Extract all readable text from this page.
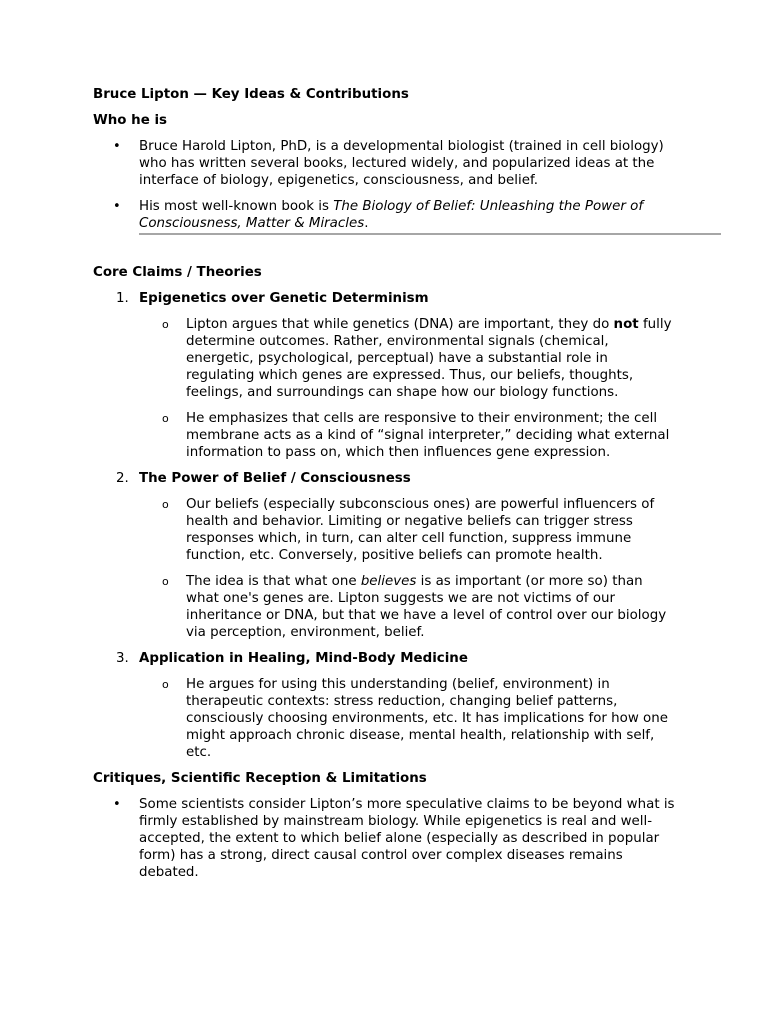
Bruce Lipton — Key Ideas & Contributions

Who he is

• Bruce Harold Lipton, PhD, is a developmental biologist (trained in cell biology) who has written several books, lectured widely, and popularized ideas at the interface of biology, epigenetics, consciousness, and belief.
• His most well-known book is The Biology of Belief: Unleashing the Power of Consciousness, Matter & Miracles.

Core Claims / Theories

1. Epigenetics over Genetic Determinism
o Lipton argues that while genetics (DNA) are important, they do not fully determine outcomes. Rather, environmental signals (chemical, energetic, psychological, perceptual) have a substantial role in regulating which genes are expressed. Thus, our beliefs, thoughts, feelings, and surroundings can shape how our biology functions.
o He emphasizes that cells are responsive to their environment; the cell membrane acts as a kind of “signal interpreter,” deciding what external information to pass on, which then influences gene expression.
2. The Power of Belief / Consciousness
o Our beliefs (especially subconscious ones) are powerful influencers of health and behavior. Limiting or negative beliefs can trigger stress responses which, in turn, can alter cell function, suppress immune function, etc. Conversely, positive beliefs can promote health.
o The idea is that what one believes is as important (or more so) than what one's genes are. Lipton suggests we are not victims of our inheritance or DNA, but that we have a level of control over our biology via perception, environment, belief.
3. Application in Healing, Mind-Body Medicine
o He argues for using this understanding (belief, environment) in therapeutic contexts: stress reduction, changing belief patterns, consciously choosing environments, etc. It has implications for how one might approach chronic disease, mental health, relationship with self, etc.

Critiques, Scientific Reception & Limitations

• Some scientists consider Lipton’s more speculative claims to be beyond what is firmly established by mainstream biology. While epigenetics is real and well-accepted, the extent to which belief alone (especially as described in popular form) has a strong, direct causal control over complex diseases remains debated.
